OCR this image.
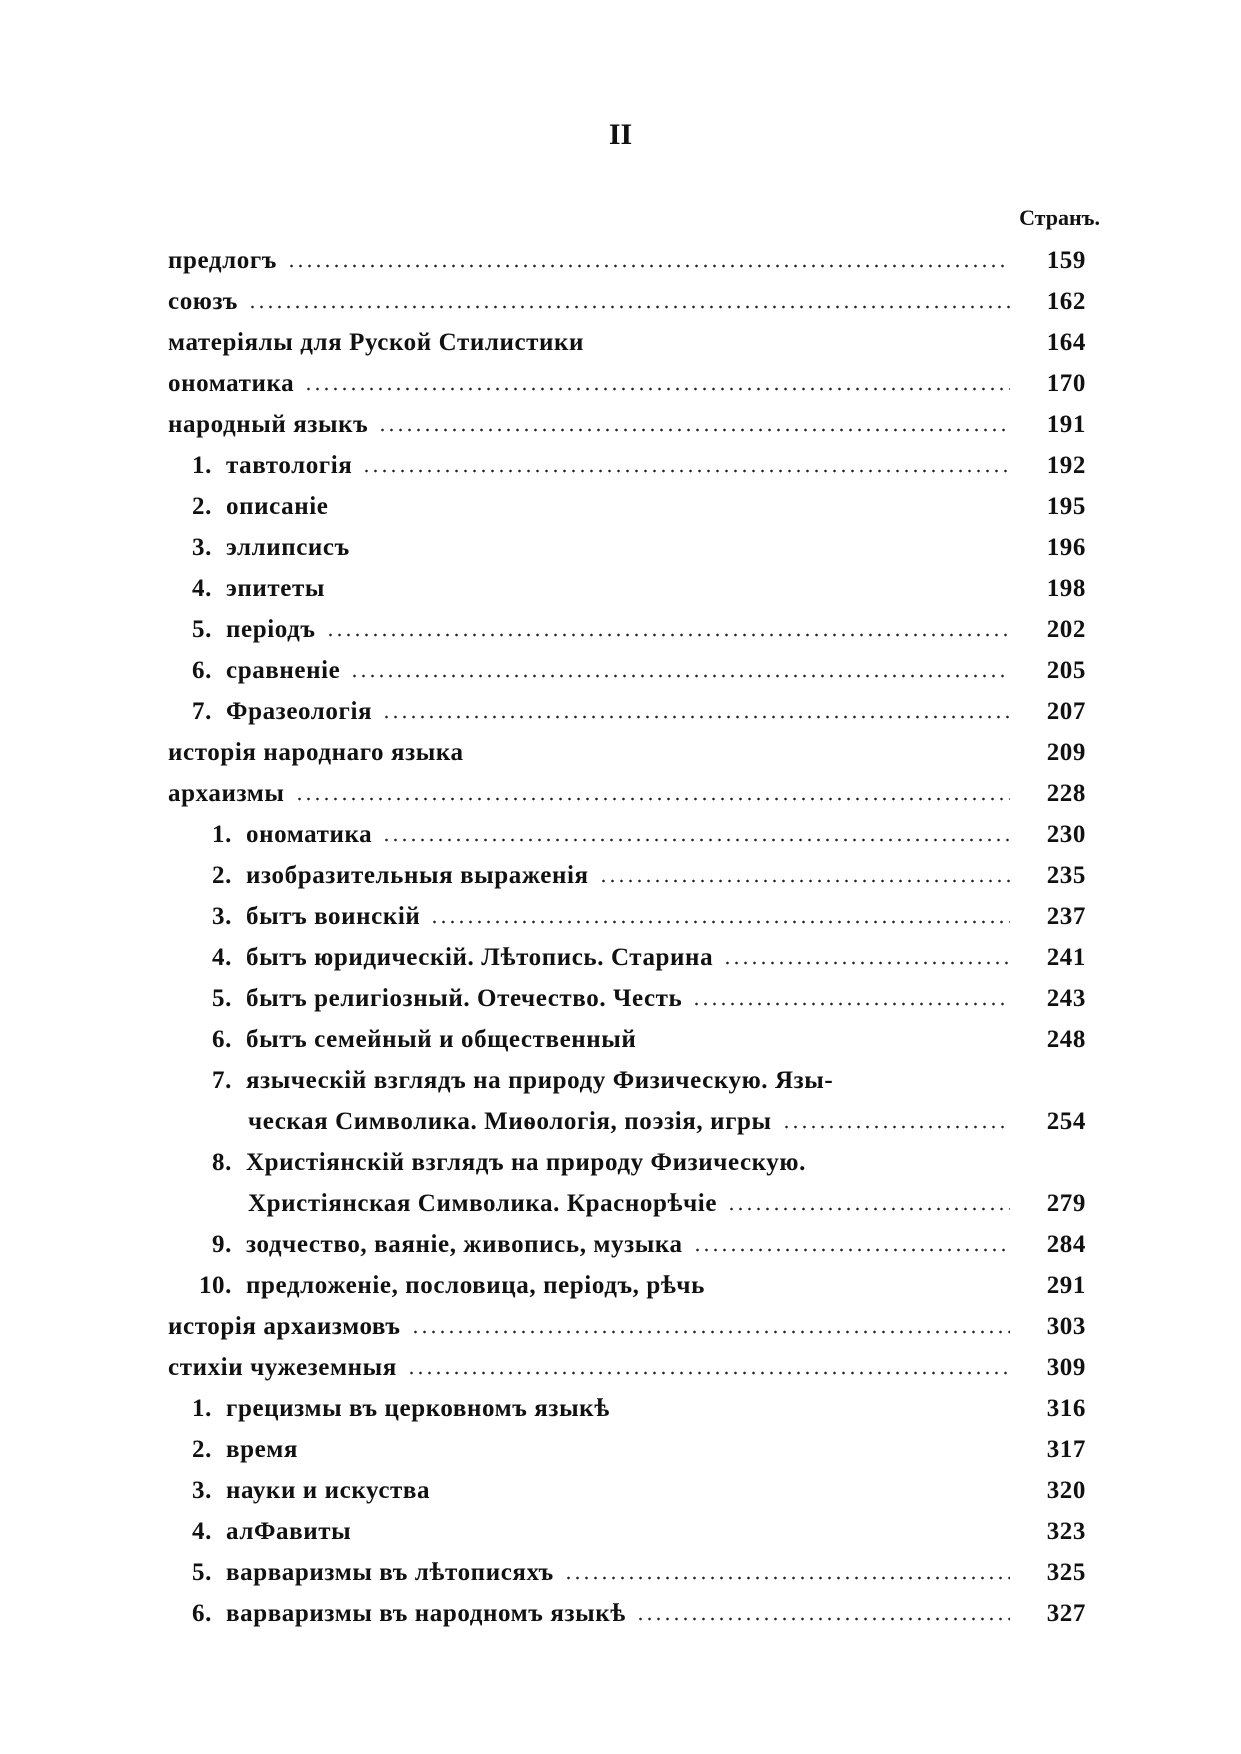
II
Странъ.
предлогъ	159
союзъ	162
матеріялы для Руской Стилистики	164
ономатика	170
народный языкъ	191
1. тавтологія	192
2. описаніе	195
3. эллипсисъ	196
4. эпитеты	198
5. періодъ	202
6. сравненіе	205
7. Фразеологія	207
исторія народнаго языка	209
архаизмы	228
1. ономатика	230
2. изобразительныя выраженія	235
3. бытъ воинскій	237
4. бытъ юридическій. Лѣтопись. Старина	241
5. бытъ религіозный. Отечество. Честь	243
6. бытъ семейный и общественный	248
7. языческій взглядъ на природу Физическую. Язы-
ческая Символика. Миѳологія, поэзія, игры	254
8. Христіянскій взглядъ на природу Физическую.
Христіянская Символика. Краснорѣчіе	279
9. зодчество, ваяніе, живопись, музыка	284
10. предложеніе, пословица, періодъ, рѣчь	291
исторія архаизмовъ	303
стихіи чужеземныя	309
1. грецизмы въ церковномъ языкѣ	316
2. время	317
3. науки и искуства	320
4. алФавиты	323
5. варваризмы въ лѣтописяхъ	325
6. варваризмы въ народномъ языкѣ	327
